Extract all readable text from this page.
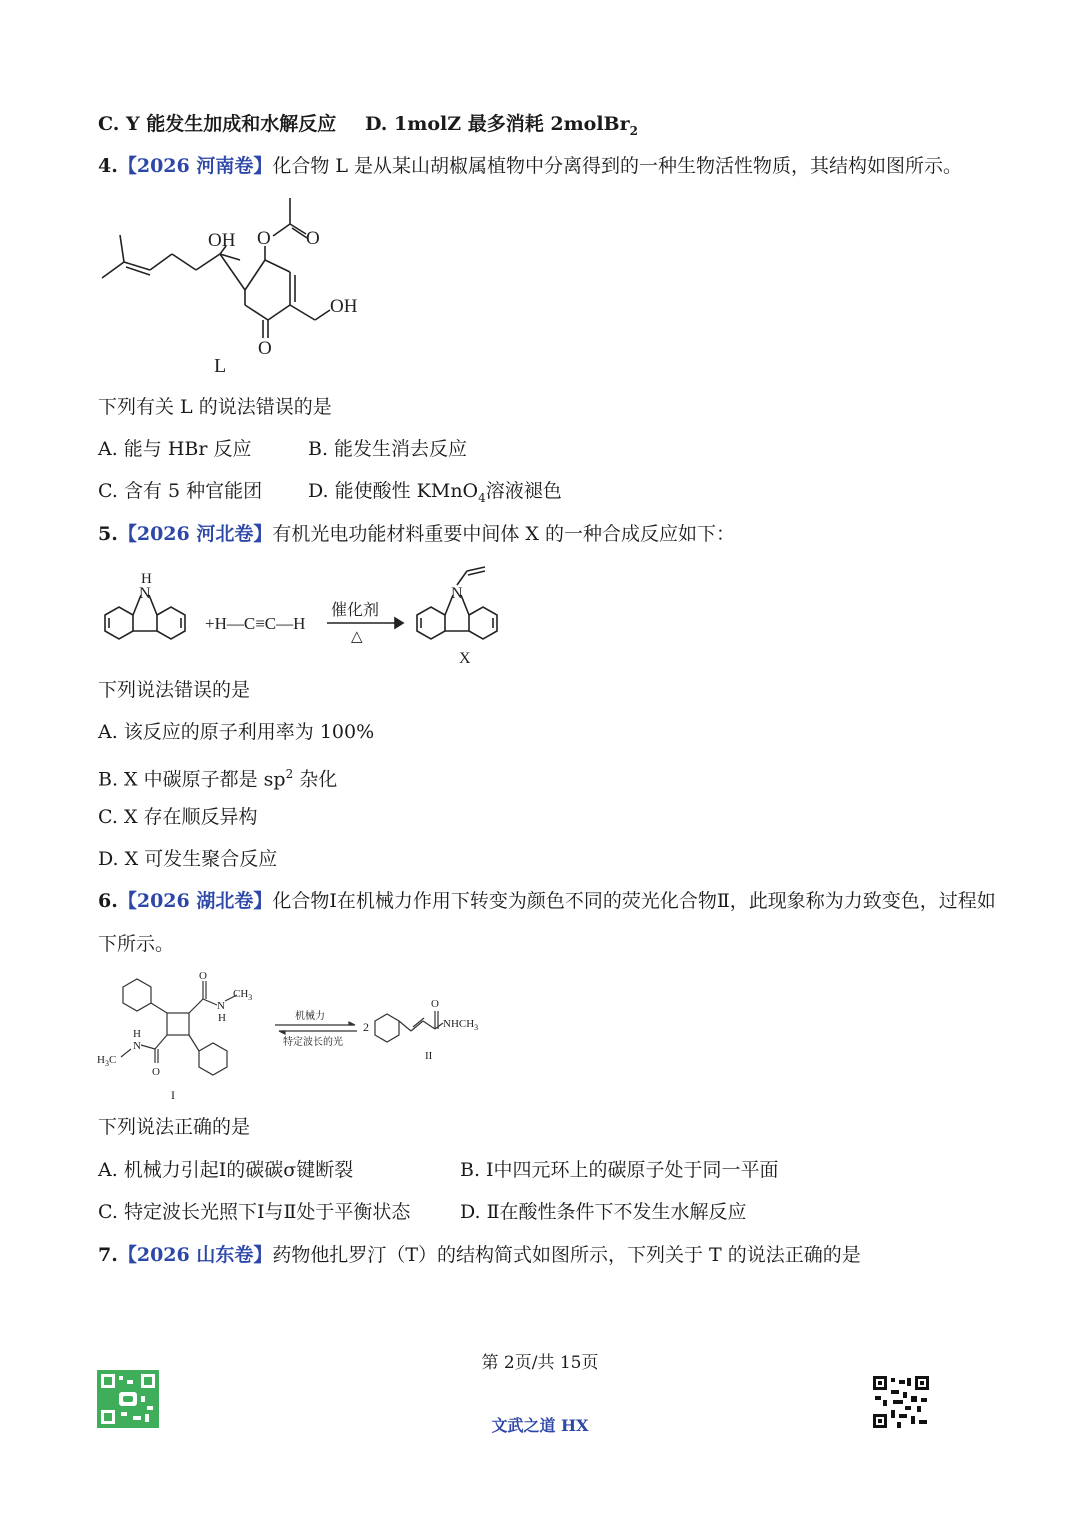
C. Y 能发生加成和水解反应 D. 1molZ 最多消耗 2molBr$_2$
4.【2026 河南卷】化合物 L 是从某山胡椒属植物中分离得到的一种生物活性物质，其结构如图所示。
OH O O
OH
O
L
下列有关 L 的说法错误的是
A. 能与 HBr 反应	B. 能发生消去反应
C. 含有 5 种官能团 D. 能使酸性 KMnO$_4$溶液褪色
5.【2026 河北卷】有机光电功能材料重要中间体 X 的一种合成反应如下：
H
N
+H—C≡C—H
催化剂
△
N
X
下列说法错误的是
A. 该反应的原子利用率为 100%
B. X 中碳原子都是 $sp^2$ 杂化
C. X 存在顺反异构
D. X 可发生聚合反应
6.【2026 湖北卷】化合物Ⅰ在机械力作用下转变为颜色不同的荧光化合物Ⅱ，此现象称为力致变色，过程如
下所示。
O
N
H
$CH_3$
$H_3C$
N
H
O
I
机械力
特定波长的光
2
O
$NHCH_3$
II
下列说法正确的是
A. 机械力引起Ⅰ的碳碳σ键断裂	B. Ⅰ中四元环上的碳原子处于同一平面
C. 特定波长光照下Ⅰ与Ⅱ处于平衡状态	D. Ⅱ在酸性条件下不发生水解反应
7.【2026 山东卷】药物他扎罗汀（T）的结构简式如图所示，下列关于 T 的说法正确的是
第 2页/共 15页
文武之道 HX
